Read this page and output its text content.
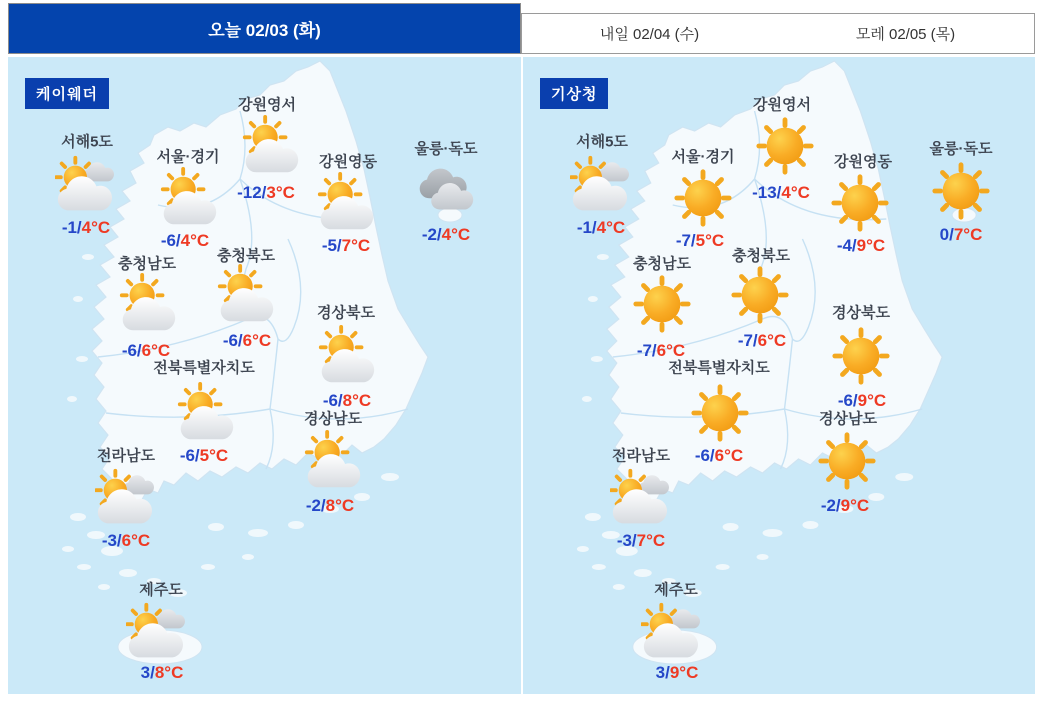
오늘 02/03 (화)	내일 02/04 (수)	모레 02/05 (목)
케이웨더
서해5도
-1/4°C
서울·경기
-6/4°C
강원영서
-12/3°C
강원영동
-5/7°C
울릉·독도
-2/4°C
충청남도
-6/6°C
충청북도
-6/6°C
경상북도
-6/8°C
전북특별자치도
-6/5°C
경상남도
-2/8°C
전라남도
-3/6°C
제주도
3/8°C
기상청
서해5도
-1/4°C
서울·경기
-7/5°C
강원영서
-13/4°C
강원영동
-4/9°C
울릉·독도
0/7°C
충청남도
-7/6°C
충청북도
-7/6°C
경상북도
-6/9°C
전북특별자치도
-6/6°C
경상남도
-2/9°C
전라남도
-3/7°C
제주도
3/9°C
